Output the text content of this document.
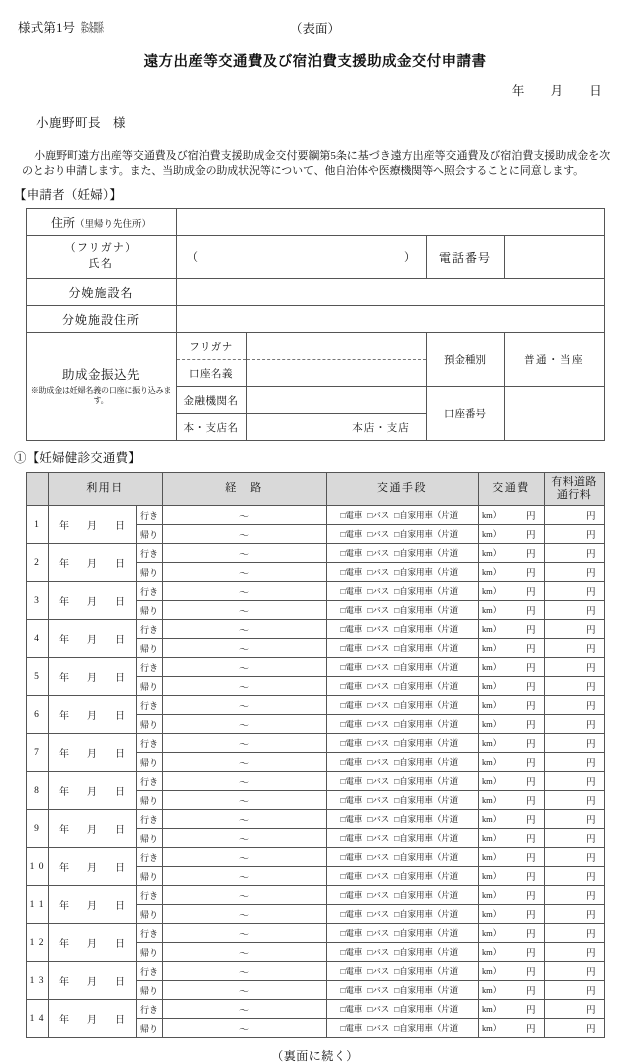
様式第1号 第5条関係	（表面）
遠方出産等交通費及び宿泊費支援助成金交付申請書
年 月 日
小鹿野町長 様
小鹿野町遠方出産等交通費及び宿泊費支援助成金交付要綱第5条に基づき遠方出産等交通費及び宿泊費支援助成金を次のとおり申請します。また、当助成金の助成状況等について、他自治体や医療機関等へ照会することに同意します。
【申請者（妊婦）】
住所（里帰り先住所）				

（フリガナ）
氏名	（	）	電話番号	
分娩施設名				
分娩施設住所				
助成金振込先
※助成金は妊婦名義の口座に振り込みます。	フリガナ		預金種別	普通・当座
	口座名義			
	金融機関名		口座番号	
	本・支店名	本店・支店		
①【妊婦健診交通費】
	利用日		経　路	交通手段	交通費	有料道路
通行料
1	年 月 日	行き	～	□電車 □バス □自家用車（片道 km）	円	円
		帰り	～	□電車 □バス □自家用車（片道 km）	円	円
2	年 月 日	行き	～	□電車 □バス □自家用車（片道 km）	円	円
		帰り	～	□電車 □バス □自家用車（片道 km）	円	円
3	年 月 日	行き	～	□電車 □バス □自家用車（片道 km）	円	円
		帰り	～	□電車 □バス □自家用車（片道 km）	円	円
4	年 月 日	行き	～	□電車 □バス □自家用車（片道 km）	円	円
		帰り	～	□電車 □バス □自家用車（片道 km）	円	円
5	年 月 日	行き	～	□電車 □バス □自家用車（片道 km）	円	円
		帰り	～	□電車 □バス □自家用車（片道 km）	円	円
6	年 月 日	行き	～	□電車 □バス □自家用車（片道 km）	円	円
		帰り	～	□電車 □バス □自家用車（片道 km）	円	円
7	年 月 日	行き	～	□電車 □バス □自家用車（片道 km）	円	円
		帰り	～	□電車 □バス □自家用車（片道 km）	円	円
8	年 月 日	行き	～	□電車 □バス □自家用車（片道 km）	円	円
		帰り	～	□電車 □バス □自家用車（片道 km）	円	円
9	年 月 日	行き	～	□電車 □バス □自家用車（片道 km）	円	円
		帰り	～	□電車 □バス □自家用車（片道 km）	円	円
1 0	年 月 日	行き	～	□電車 □バス □自家用車（片道 km）	円	円
		帰り	～	□電車 □バス □自家用車（片道 km）	円	円
1 1	年 月 日	行き	～	□電車 □バス □自家用車（片道 km）	円	円
		帰り	～	□電車 □バス □自家用車（片道 km）	円	円
1 2	年 月 日	行き	～	□電車 □バス □自家用車（片道 km）	円	円
		帰り	～	□電車 □バス □自家用車（片道 km）	円	円
1 3	年 月 日	行き	～	□電車 □バス □自家用車（片道 km）	円	円
		帰り	～	□電車 □バス □自家用車（片道 km）	円	円
1 4	年 月 日	行き	～	□電車 □バス □自家用車（片道 km）	円	円
		帰り	～	□電車 □バス □自家用車（片道 km）	円	円
（裏面に続く）
